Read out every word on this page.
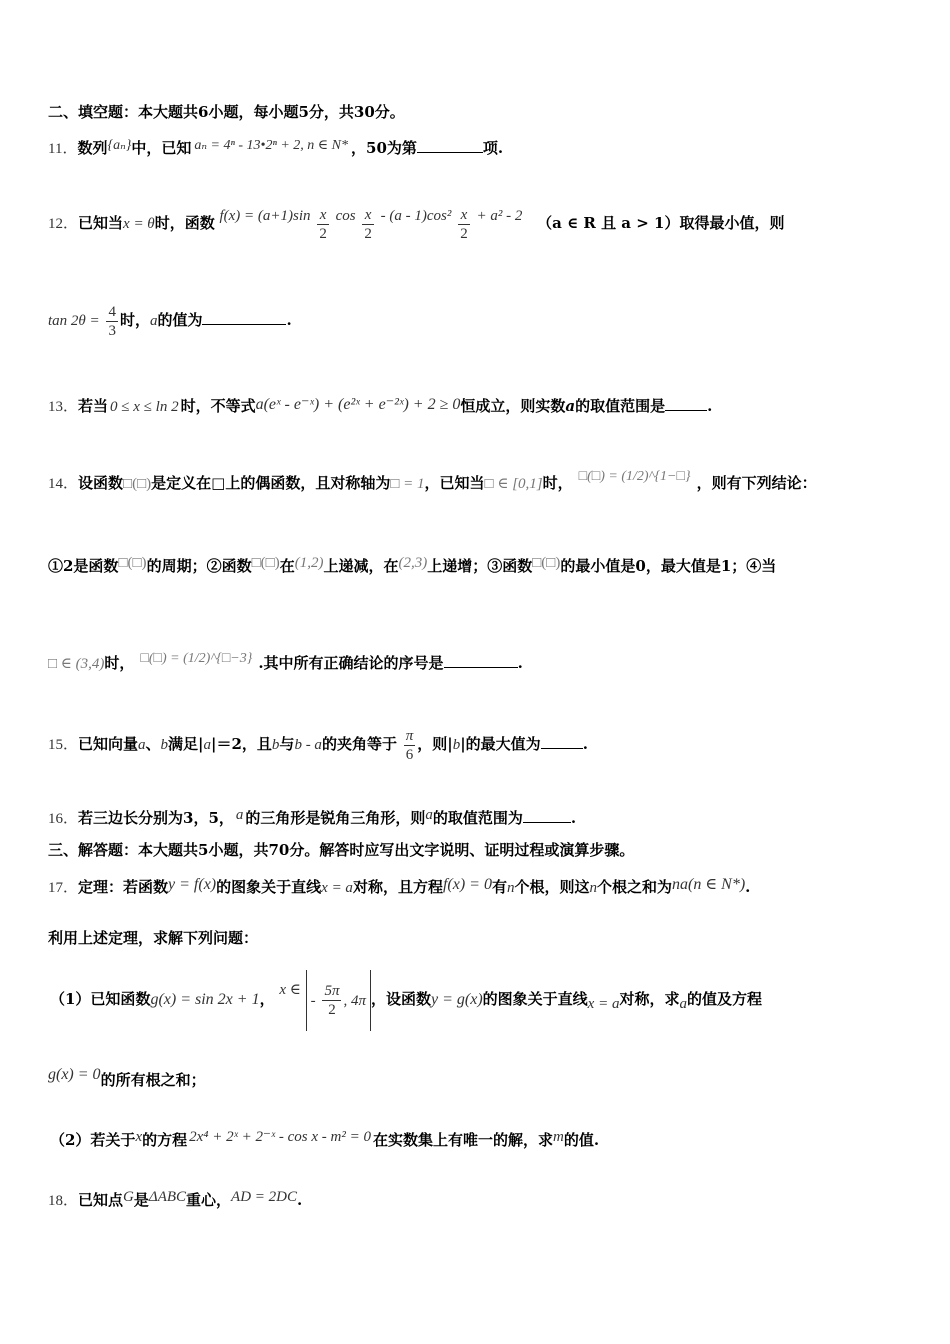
二、填空题：本大题共6小题，每小题5分，共30分。
11．数列{aₙ}中，已知 aₙ = 4ⁿ - 13•2ⁿ + 2, n ∈ N* ，50为第	项.
12．已知当x = θ时，函数 $f(x) = (a+1)\sin \frac{x}{2}$ $\cos \frac{x}{2} - (a - 1)\cos^2 \frac{x}{2} + a^2 - 2$ （a ∈ R 且 a > 1）取得最小值，则
$\tan 2\theta = \frac{4}{3}$ 时，a的值为	.
13．若当 0 ≤ x ≤ ln 2 时，不等式a(eˣ - e⁻ˣ) + (e²ˣ + e⁻²ˣ) + 2 ≥ 0恒成立，则实数a的取值范围是	.
14．设函数□(□)是定义在□上的偶函数，且对称轴为□ = 1，已知当□ ∈ [0,1]时， □(□) = (1/2)^{1−□} ，则有下列结论：
①2是函数□(□)的周期；②函数□(□)在(1,2)上递减，在(2,3)上递增；③函数□(□)的最小值是0，最大值是1；④当
□ ∈ (3,4)时， □(□) = (1/2)^{□−3} .其中所有正确结论的序号是	.
15．已知向量a、b满足|a|＝2，且b与b - a的夹角等于 $\frac{\pi}{6}$ ，则|b|的最大值为	.
16．若三边长分别为3，5， a 的三角形是锐角三角形，则a的取值范围为	.
三、解答题：本大题共5小题，共70分。解答时应写出文字说明、证明过程或演算步骤。
17．定理：若函数y = f(x)的图象关于直线x = a对称，且方程f(x) = 0有n个根，则这n个根之和为na(n ∈ N*).
利用上述定理，求解下列问题：
（1）已知函数g(x) = sin 2x + 1， x ∈ - $\frac{5\pi}{2}$ , 4π ，设函数y = g(x)的图象关于直线x = a对称，求a的值及方程
g(x) = 0的所有根之和；
（2）若关于x的方程 2x⁴ + 2ˣ + 2⁻ˣ - cos x - m² = 0 在实数集上有唯一的解，求m的值.
18．已知点G是ΔABC重心，AD = 2DC.
